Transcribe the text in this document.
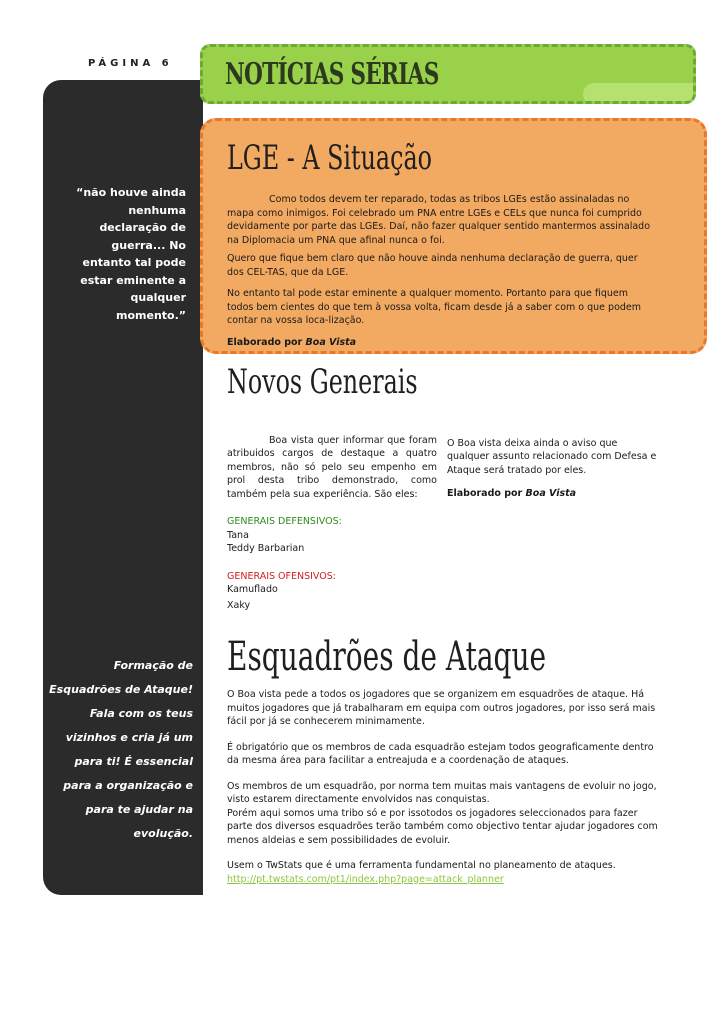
PÁGINA 6
“não houve ainda nenhuma declaração de guerra... No entanto tal pode estar eminente a qualquer momento.”
Formação de Esquadrões de Ataque! Fala com os teus vizinhos e cria já um para ti! É essencial para a organização e para te ajudar na evolução.
NOTÍCIAS SÉRIAS
LGE - A Situação

Como todos devem ter reparado, todas as tribos LGEs estão assinaladas no mapa como inimigos. Foi celebrado um PNA entre LGEs e CELs que nunca foi cumprido devidamente por parte das LGEs. Daí, não fazer qualquer sentido mantermos assinalado na Diplomacia um PNA que afinal nunca o foi.

Quero que fique bem claro que não houve ainda nenhuma declaração de guerra, quer dos CEL-TAS, que da LGE.

No entanto tal pode estar eminente a qualquer momento. Portanto para que fiquem todos bem cientes do que tem à vossa volta, ficam desde já a saber com o que podem contar na vossa loca-lização.

Elaborado por Boa Vista

Novos Generais

Boa vista quer informar que foram atribuidos cargos de destaque a quatro membros, não só pelo seu empenho em prol desta tribo demonstrado, como também pela sua experiência. São eles:

GENERAIS DEFENSIVOS:
Tana
Teddy Barbarian
GENERAIS OFENSIVOS:
Kamuflado
Xaky

O Boa vista deixa ainda o aviso que qualquer assunto relacionado com Defesa e Ataque será tratado por eles.

Elaborado por Boa Vista

Esquadrões de Ataque

O Boa vista pede a todos os jogadores que se organizem em esquadrões de ataque. Há muitos jogadores que já trabalharam em equipa com outros jogadores, por isso será mais fácil por já se conhecerem minimamente.

É obrigatório que os membros de cada esquadrão estejam todos geograficamente dentro da mesma área para facilitar a entreajuda e a coordenação de ataques.

Os membros de um esquadrão, por norma tem muitas mais vantagens de evoluir no jogo, visto estarem directamente envolvidos nas conquistas.

Porém aqui somos uma tribo só e por issotodos os jogadores seleccionados para fazer parte dos diversos esquadrões terão também como objectivo tentar ajudar jogadores com menos aldeias e sem possibilidades de evoluir.

Usem o TwStats que é uma ferramenta fundamental no planeamento de ataques.

http://pt.twstats.com/pt1/index.php?page=attack_planner
